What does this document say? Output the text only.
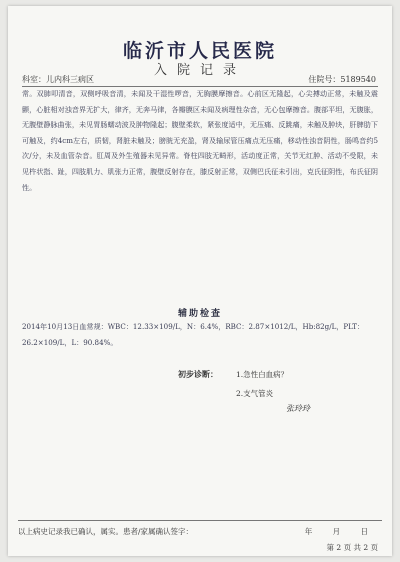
临沂市人民医院
入院记录
科室：儿内科三病区	住院号：5189540
常。双肺叩清音，双侧呼吸音清，未闻及干湿性啰音，无胸膜摩擦音。心前区无隆起，心尖搏动正常，未触及震颤，心脏相对浊音界无扩大，律齐，无奔马律，各瓣膜区未闻及病理性杂音，无心包摩擦音。腹部平坦，无腹胀，无腹壁静脉曲张，未见胃肠蠕动波及肿物隆起；腹壁柔软，紧张度适中，无压痛、反跳痛，未触及肿块，肝脾肋下可触及，约4cm左右，质韧，肾脏未触及；膀胱无充盈，肾及输尿管压痛点无压痛，移动性浊音阴性，肠鸣音约5次/分，未及血管杂音。肛周及外生殖器未见异常。脊柱四肢无畸形，活动度正常，关节无红肿、活动不受限，未见杵状指、趾，四肢肌力、肌张力正常，腹壁反射存在，膝反射正常，双侧巴氏征未引出，克氏征阴性，布氏征阴性。
辅助检查
2014年10月13日血常规：WBC：12.33×109/L，N：6.4%，RBC：2.87×1012/L，Hb:82g/L，PLT：26.2×109/L，L：90.84%。
初步诊断： 1.急性白血病？
2.支气管炎
张玲玲
以上病史记录我已确认，属实。患者/家属确认签字：	年 月 日
第 2 页 共 2 页
